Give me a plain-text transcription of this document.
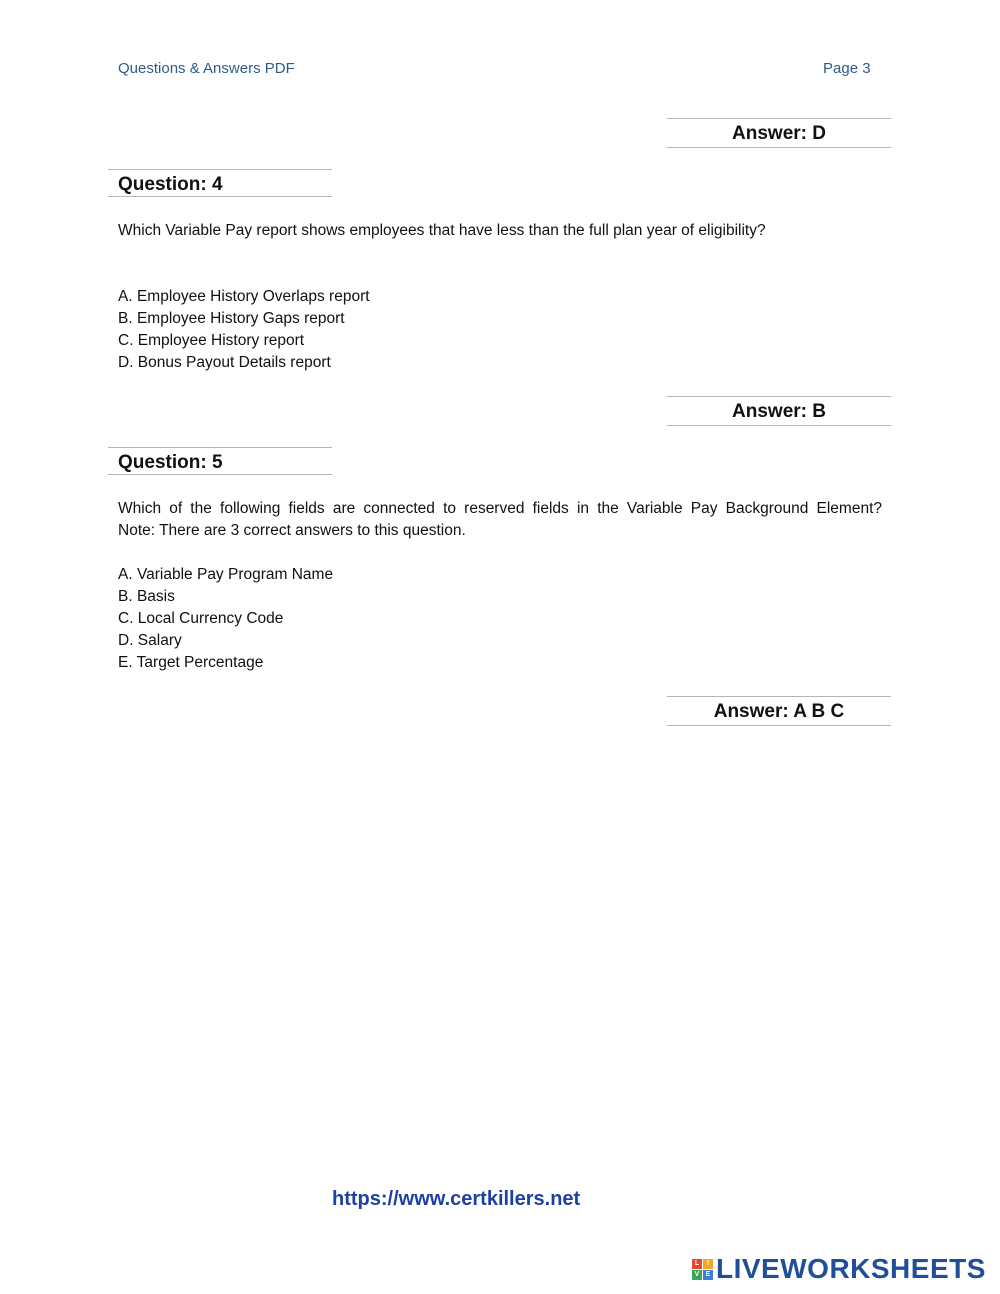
Questions & Answers PDF	Page 3
Answer: D
Question: 4
Which Variable Pay report shows employees that have less than the full plan year of eligibility?
A. Employee History Overlaps report
B. Employee History Gaps report
C. Employee History report
D. Bonus Payout Details report
Answer: B
Question: 5
Which of the following fields are connected to reserved fields in the Variable Pay Background Element?
Note: There are 3 correct answers to this question.
A. Variable Pay Program Name
B. Basis
C. Local Currency Code
D. Salary
E. Target Percentage
Answer: A B C
https://www.certkillers.net
L	I
V E LIVEWORKSHEETS
